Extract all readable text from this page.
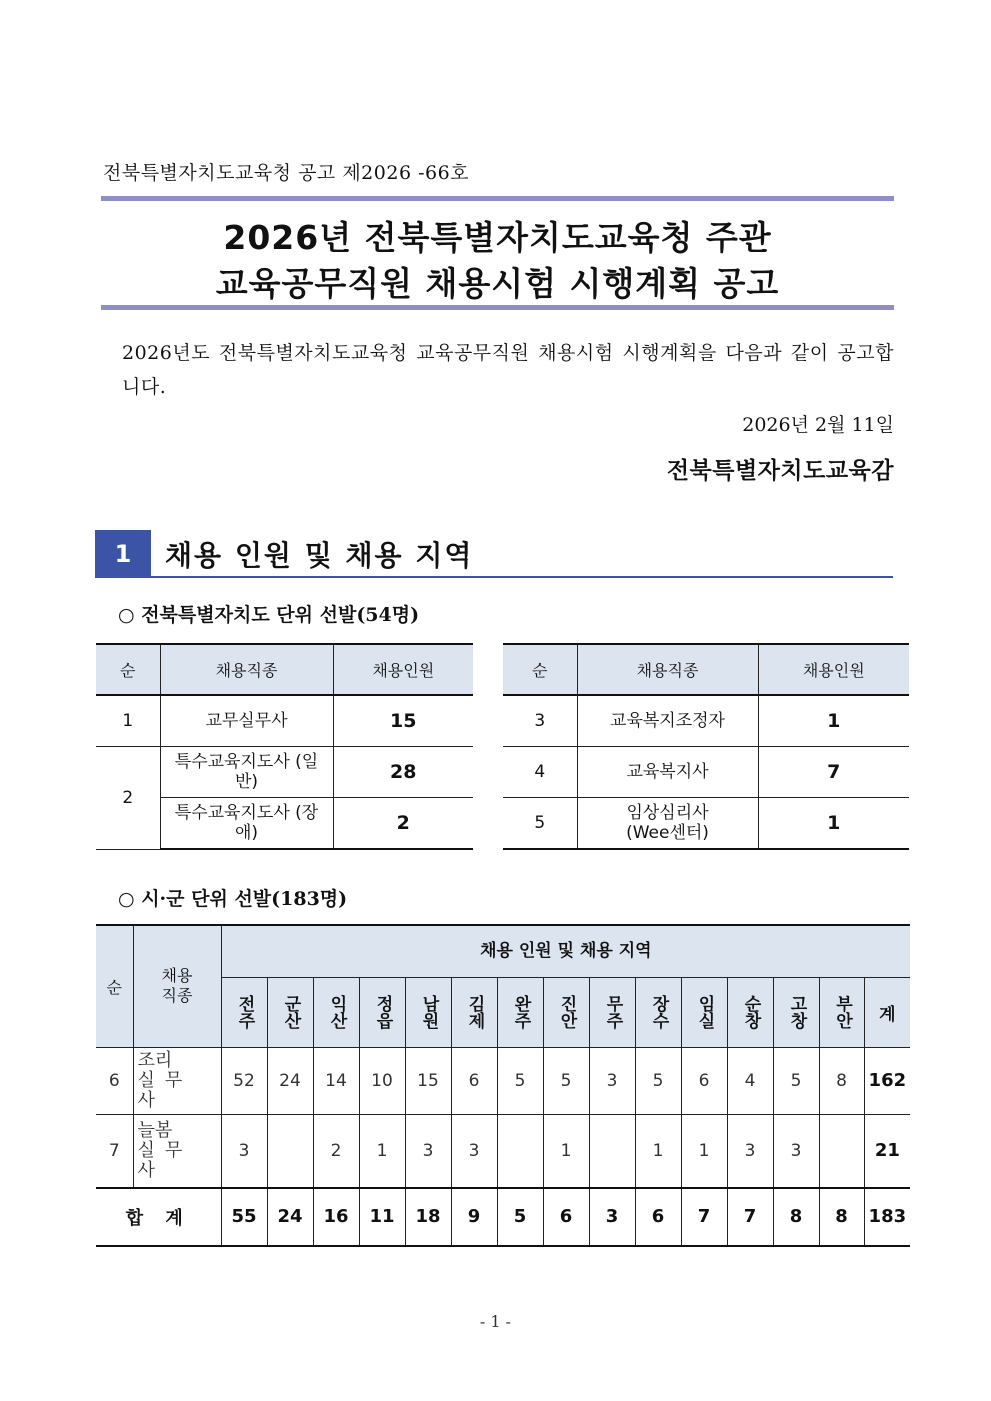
전북특별자치도교육청 공고 제2026 -66호
2026년 전북특별자치도교육청 주관
교육공무직원 채용시험 시행계획 공고
2026년도 전북특별자치도교육청 교육공무직원 채용시험 시행계획을 다음과 같이 공고합니다.
2026년 2월 11일
전북특별자치도교육감
1	채용 인원 및 채용 지역
○ 전북특별자치도 단위 선발(54명)
순	채용직종	채용인원
1	교무실무사	15
2	특수교육지도사 (일반)	28
	특수교육지도사 (장애)	2
순	채용직종	채용인원
3	교육복지조정자	1
4	교육복지사	7
5	임상심리사 (Wee센터)	1
○ 시·군 단위 선발(183명)
순	채용 직종	채용 인원 및 채용 지역														
		전주	군산	익산	정읍	남원	김제	완주	진안	무주	장수	임실	순창	고창	부안	계
6	조리
실무사	52	24	14	10	15	6	5	5	3	5	6	4	5	8	162
7	늘봄
실무사	3		2	1	3	3		1		1	1	3	3		21
합 계		55	24	16	11	18	9	5	6	3	6	7	7	8	8	183
- 1 -
